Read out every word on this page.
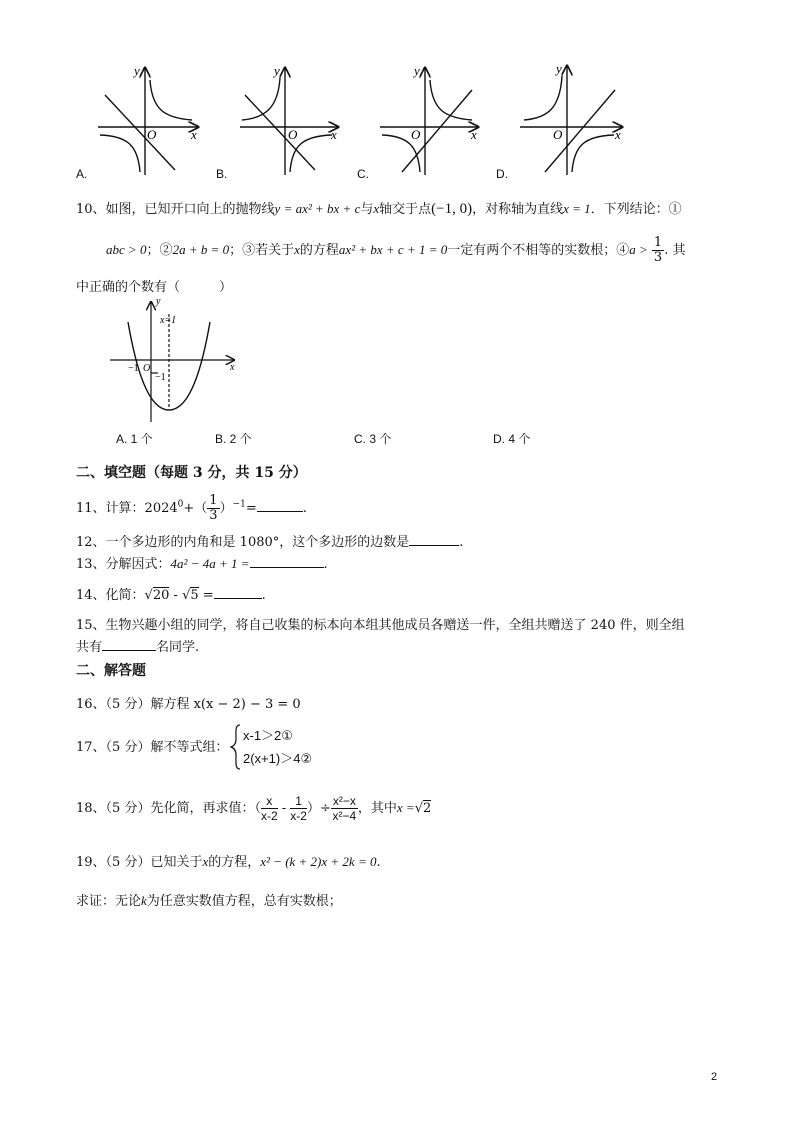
y
O	x
y
O	x
y
O	x
y
O	x
A.	B.	C.	D.
10、如图，已知开口向上的抛物线y = ax² + bx + c与x轴交于点(−1, 0)，对称轴为直线x = 1．下列结论：①
abc > 0；②2a + b = 0；③若关于x的方程ax² + bx + c + 1 = 0一定有两个不相等的实数根；④a > $\frac{1}{3}$ . 其
中正确的个数有（　　　）
y
x=1
−1 O
−1
x
A. 1 个	B. 2 个	C. 3 个	D. 4 个
二、填空题（每题 3 分，共 15 分）
11、计算：$2024^0+( \frac{1}{3} )^{-1}=$	.
12、一个多边形的内角和是 1080°，这个多边形的边数是	.
13、分解因式：4a² − 4a + 1 =	.
14、化简：√20 - √5 =	.
15、生物兴趣小组的同学，将自己收集的标本向本组其他成员各赠送一件，全组共赠送了 240 件，则全组
共有	名同学.
二、解答题
16、（5 分）解方程 x(x − 2) − 3 = 0
17、（5 分）解不等式组：
x-1＞2①
2(x+1)＞4②
18、（5 分）先化简，再求值：（ $\frac{x}{x-2} - \frac{1}{x-2}$ ）÷ $\frac{\text{x²−x}}{\text{x²−4}}$ ，其中x =√2
19、（5 分）已知关于x的方程，x² − (k + 2)x + 2k = 0.
求证：无论k为任意实数值方程，总有实数根；
2
